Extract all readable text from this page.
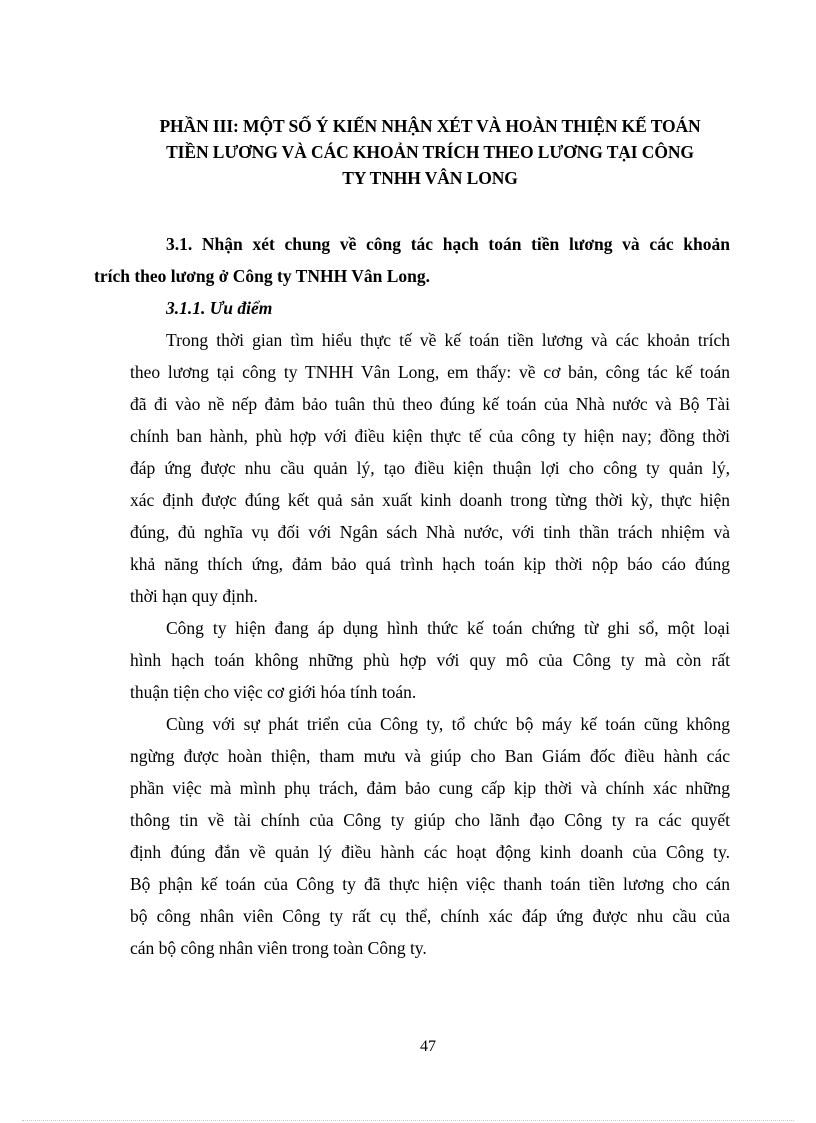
PHẦN III: MỘT SỐ Ý KIẾN NHẬN XÉT VÀ HOÀN THIỆN KẾ TOÁN
TIỀN LƯƠNG VÀ CÁC KHOẢN TRÍCH THEO LƯƠNG TẠI CÔNG
TY TNHH VÂN LONG
3.1. Nhận xét chung về công tác hạch toán tiền lương và các khoản
trích theo lương ở Công ty TNHH Vân Long.
3.1.1. Ưu điểm

Trong thời gian tìm hiểu thực tế về kế toán tiền lương và các khoản trích
theo lương tại công ty TNHH Vân Long, em thấy: về cơ bản, công tác kế toán
đã đi vào nề nếp đảm bảo tuân thủ theo đúng kế toán của Nhà nước và Bộ Tài
chính ban hành, phù hợp với điều kiện thực tế của công ty hiện nay; đồng thời
đáp ứng được nhu cầu quản lý, tạo điều kiện thuận lợi cho công ty quản lý,
xác định được đúng kết quả sản xuất kinh doanh trong từng thời kỳ, thực hiện
đúng, đủ nghĩa vụ đối với Ngân sách Nhà nước, với tinh thần trách nhiệm và
khả năng thích ứng, đảm bảo quá trình hạch toán kịp thời nộp báo cáo đúng
thời hạn quy định.

Công ty hiện đang áp dụng hình thức kế toán chứng từ ghi sổ, một loại
hình hạch toán không những phù hợp với quy mô của Công ty mà còn rất
thuận tiện cho việc cơ giới hóa tính toán.

Cùng với sự phát triển của Công ty, tổ chức bộ máy kế toán cũng không
ngừng được hoàn thiện, tham mưu và giúp cho Ban Giám đốc điều hành các
phần việc mà mình phụ trách, đảm bảo cung cấp kịp thời và chính xác những
thông tin về tài chính của Công ty giúp cho lãnh đạo Công ty ra các quyết
định đúng đắn về quản lý điều hành các hoạt động kinh doanh của Công ty.
Bộ phận kế toán của Công ty đã thực hiện việc thanh toán tiền lương cho cán
bộ công nhân viên Công ty rất cụ thể, chính xác đáp ứng được nhu cầu của
cán bộ công nhân viên trong toàn Công ty.

47
